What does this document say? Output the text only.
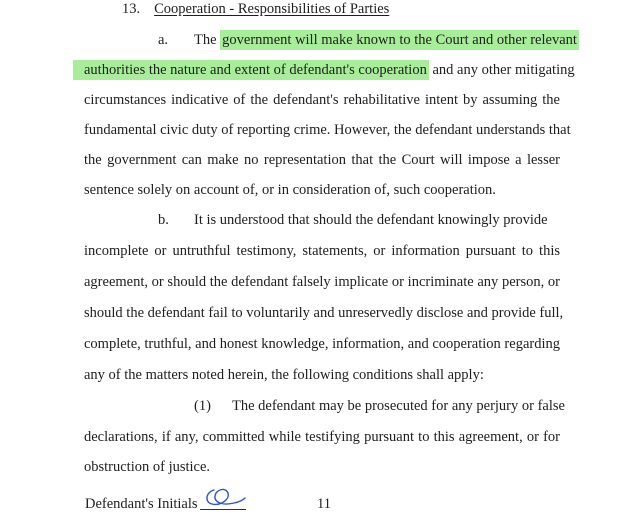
13. Cooperation - Responsibilities of Parties
a. The government will make known to the Court and other relevant
authorities the nature and extent of defendant's cooperation and any other mitigating
circumstances indicative of the defendant's rehabilitative intent by assuming the
fundamental civic duty of reporting crime. However, the defendant understands that
the government can make no representation that the Court will impose a lesser
sentence solely on account of, or in consideration of, such cooperation.
b. It is understood that should the defendant knowingly provide
incomplete or untruthful testimony, statements, or information pursuant to this
agreement, or should the defendant falsely implicate or incriminate any person, or
should the defendant fail to voluntarily and unreservedly disclose and provide full,
complete, truthful, and honest knowledge, information, and cooperation regarding
any of the matters noted herein, the following conditions shall apply:
(1) The defendant may be prosecuted for any perjury or false
declarations, if any, committed while testifying pursuant to this agreement, or for
obstruction of justice.
Defendant's Initials	11
